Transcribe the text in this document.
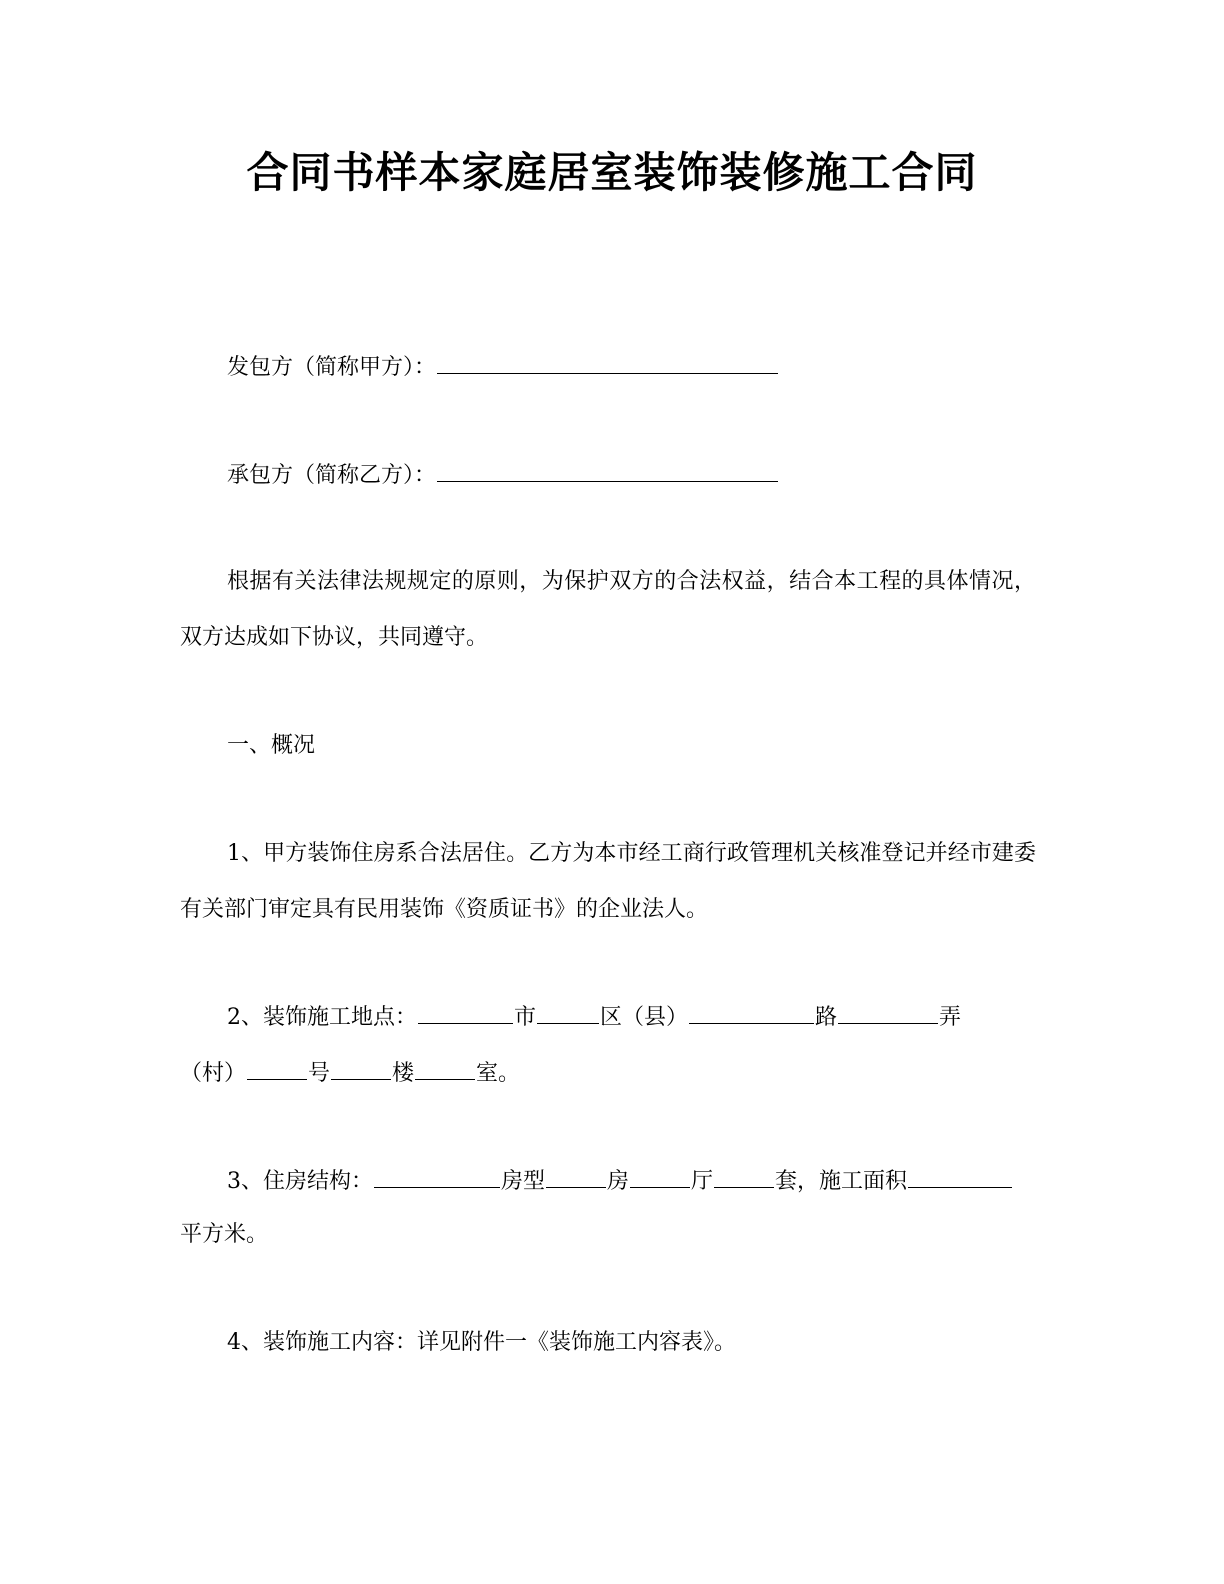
合同书样本家庭居室装饰装修施工合同
发包方（简称甲方）：
承包方（简称乙方）：
根据有关法律法规规定的原则，为保护双方的合法权益，结合本工程的具体情况，双方达成如下协议，共同遵守。
一、概况
1、甲方装饰住房系合法居住。乙方为本市经工商行政管理机关核准登记并经市建委有关部门审定具有民用装饰《资质证书》的企业法人。
2、装饰施工地点：	市	区（县）	路	弄
（村）	号	楼	室。
3、住房结构：	房型	房	厅	套，施工面积
平方米。
4、装饰施工内容：详见附件一《装饰施工内容表》。
